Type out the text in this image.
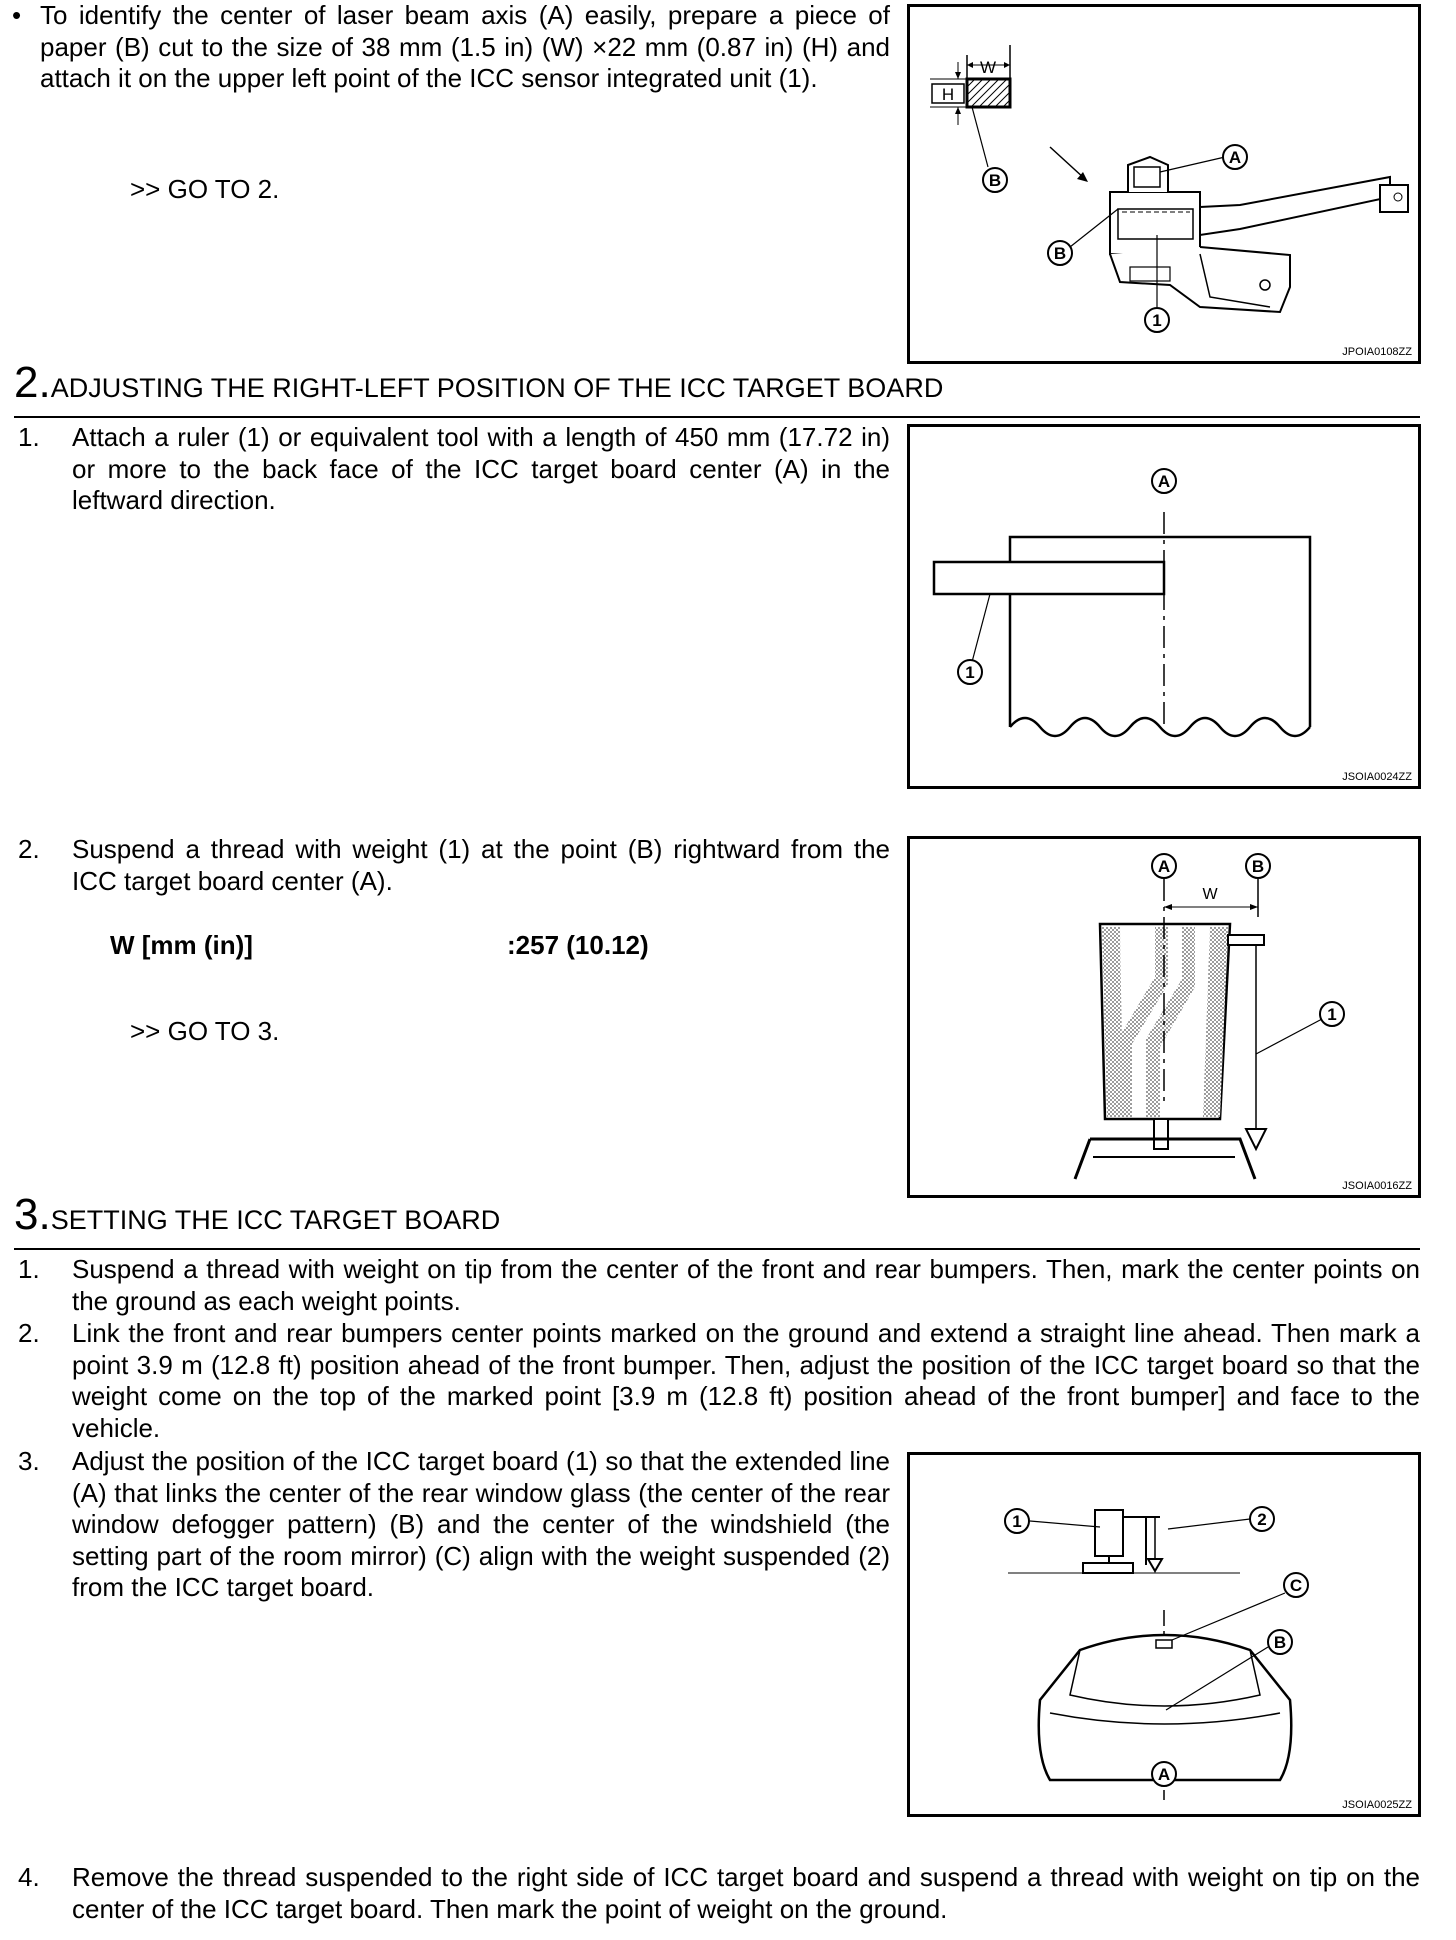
• To identify the center of laser beam axis (A) easily, prepare a piece of paper (B) cut to the size of 38 mm (1.5 in) (W) ×22 mm (0.87 in) (H) and attach it on the upper left point of the ICC sensor integrated unit (1).

>> GO TO 2.
W
H
A
B
B
1
JPOIA0108ZZ
2.ADJUSTING THE RIGHT-LEFT POSITION OF THE ICC TARGET BOARD
1. Attach a ruler (1) or equivalent tool with a length of 450 mm (17.72 in) or more to the back face of the ICC target board center (A) in the leftward direction.

A
1
JSOIA0024ZZ
2. Suspend a thread with weight (1) at the point (B) rightward from the ICC target board center (A).

W [mm (in)]	:257 (10.12)
>> GO TO 3.
A	B
W
1
JSOIA0016ZZ
3.SETTING THE ICC TARGET BOARD
1. Suspend a thread with weight on tip from the center of the front and rear bumpers. Then, mark the center points on the ground as each weight points.

2. Link the front and rear bumpers center points marked on the ground and extend a straight line ahead. Then mark a point 3.9 m (12.8 ft) position ahead of the front bumper. Then, adjust the position of the ICC target board so that the weight come on the top of the marked point [3.9 m (12.8 ft) position ahead of the front bumper] and face to the vehicle.

3. Adjust the position of the ICC target board (1) so that the extended line (A) that links the center of the rear window glass (the center of the rear window defogger pattern) (B) and the center of the windshield (the setting part of the room mirror) (C) align with the weight suspended (2) from the ICC target board.

1	2
C
B
A
JSOIA0025ZZ
4. Remove the thread suspended to the right side of ICC target board and suspend a thread with weight on tip on the center of the ICC target board. Then mark the point of weight on the ground.
